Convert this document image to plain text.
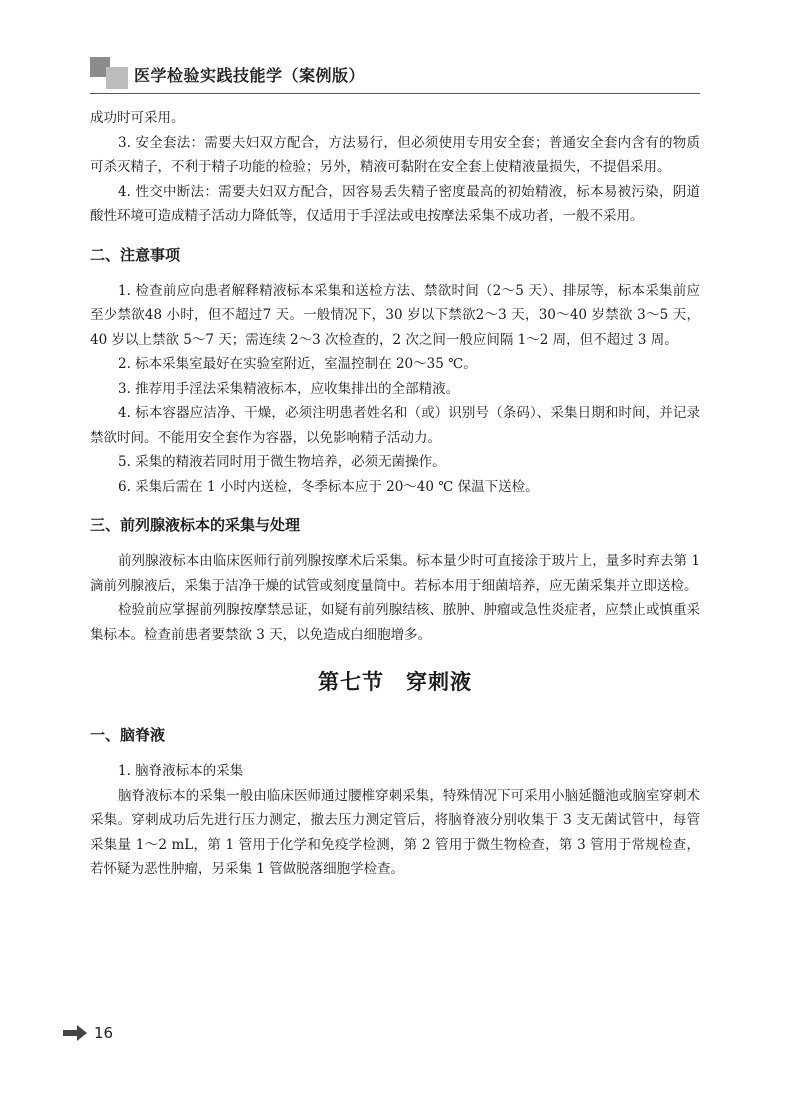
医学检验实践技能学（案例版）

成功时可采用。

3. 安全套法：需要夫妇双方配合，方法易行，但必须使用专用安全套；普通安全套内含有的物质可杀灭精子，不利于精子功能的检验；另外，精液可黏附在安全套上使精液量损失，不提倡采用。

4. 性交中断法：需要夫妇双方配合，因容易丢失精子密度最高的初始精液，标本易被污染，阴道酸性环境可造成精子活动力降低等，仅适用于手淫法或电按摩法采集不成功者，一般不采用。

二、注意事项

1. 检查前应向患者解释精液标本采集和送检方法、禁欲时间（2～5 天）、排尿等，标本采集前应至少禁欲48 小时，但不超过7 天。一般情况下，30 岁以下禁欲2～3 天，30～40 岁禁欲 3～5 天，40 岁以上禁欲 5～7 天；需连续 2～3 次检查的，2 次之间一般应间隔 1～2 周，但不超过 3 周。

2. 标本采集室最好在实验室附近，室温控制在 20～35 ℃。

3. 推荐用手淫法采集精液标本，应收集排出的全部精液。

4. 标本容器应洁净、干燥，必须注明患者姓名和（或）识别号（条码）、采集日期和时间，并记录禁欲时间。不能用安全套作为容器，以免影响精子活动力。

5. 采集的精液若同时用于微生物培养，必须无菌操作。

6. 采集后需在 1 小时内送检，冬季标本应于 20～40 ℃ 保温下送检。

三、前列腺液标本的采集与处理

前列腺液标本由临床医师行前列腺按摩术后采集。标本量少时可直接涂于玻片上，量多时弃去第 1 滴前列腺液后，采集于洁净干燥的试管或刻度量筒中。若标本用于细菌培养，应无菌采集并立即送检。

检验前应掌握前列腺按摩禁忌证，如疑有前列腺结核、脓肿、肿瘤或急性炎症者，应禁止或慎重采集标本。检查前患者要禁欲 3 天，以免造成白细胞增多。

第七节　穿刺液
一、脑脊液

1. 脑脊液标本的采集

脑脊液标本的采集一般由临床医师通过腰椎穿刺采集，特殊情况下可采用小脑延髓池或脑室穿刺术采集。穿刺成功后先进行压力测定，撤去压力测定管后，将脑脊液分别收集于 3 支无菌试管中，每管采集量 1～2 mL，第 1 管用于化学和免疫学检测，第 2 管用于微生物检查，第 3 管用于常规检查，若怀疑为恶性肿瘤，另采集 1 管做脱落细胞学检查。

16
